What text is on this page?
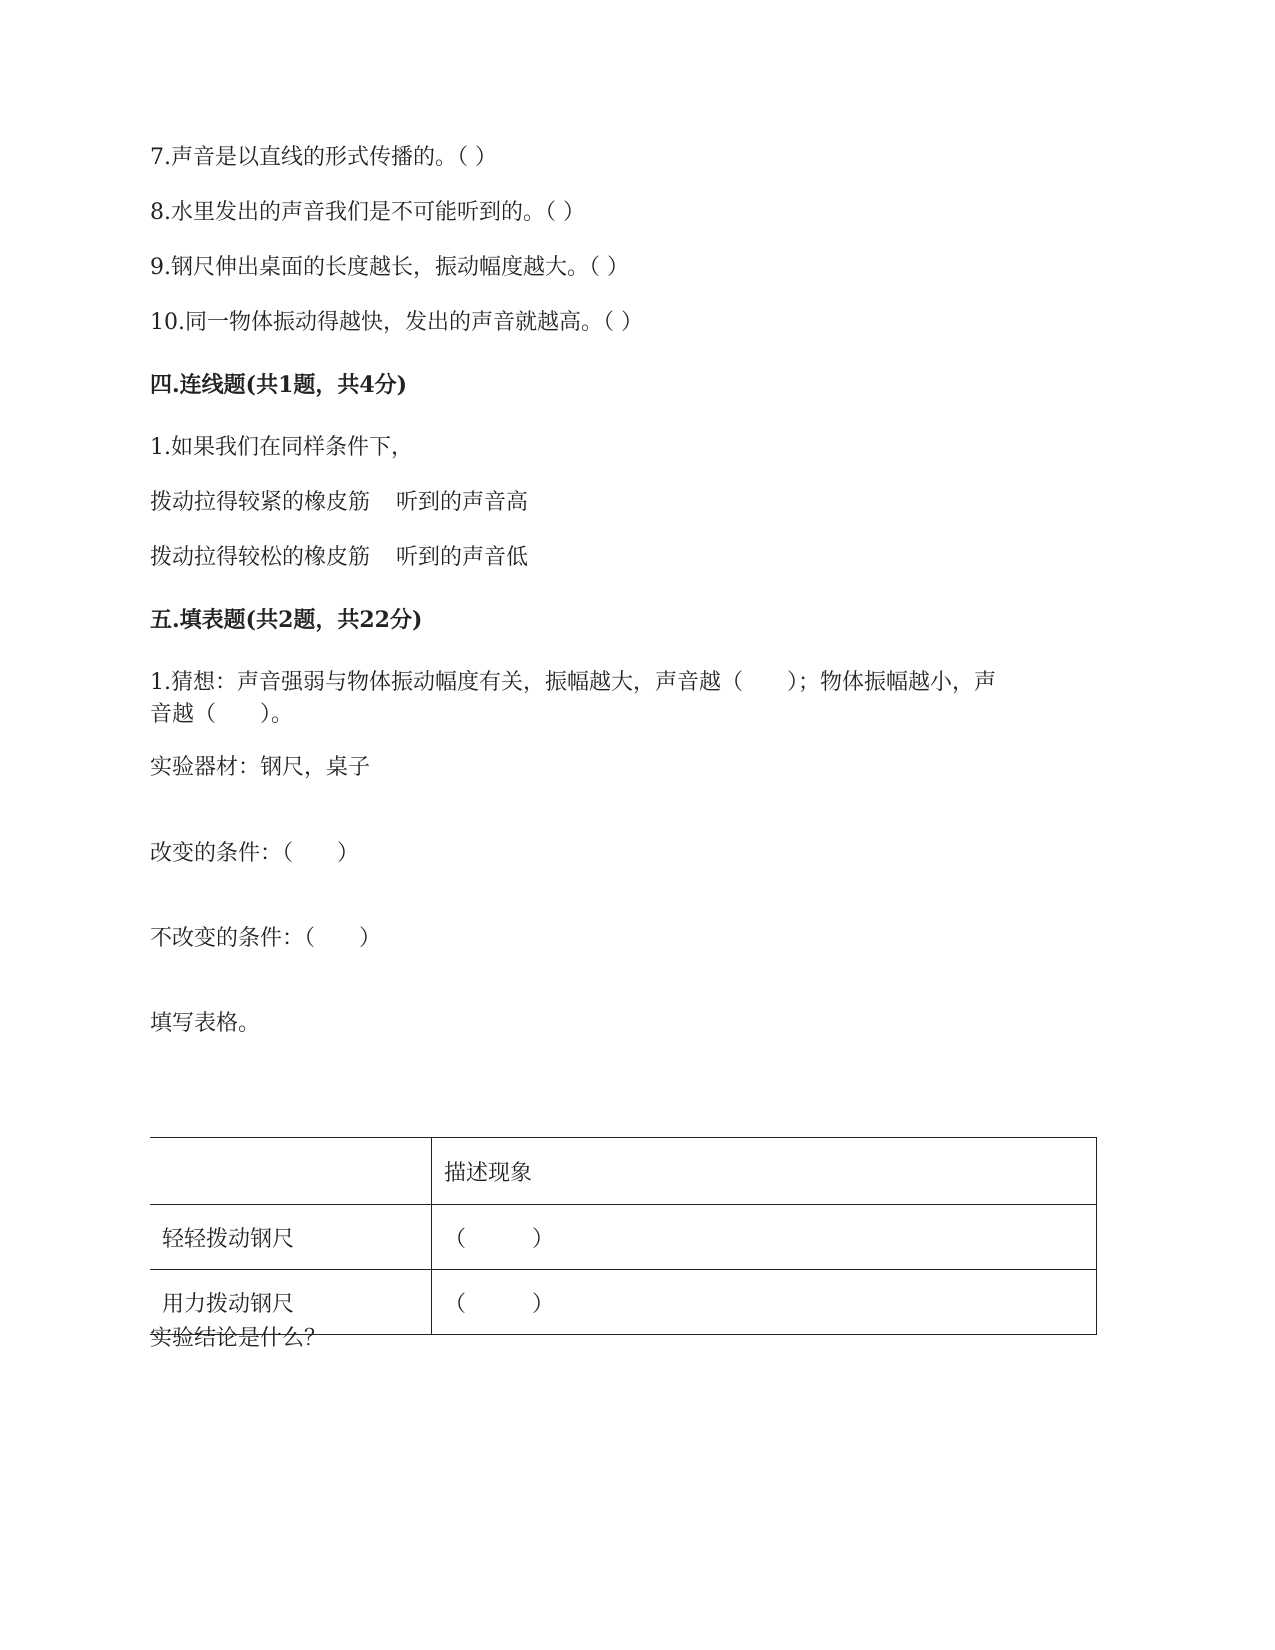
7.声音是以直线的形式传播的。（ ）

8.水里发出的声音我们是不可能听到的。（ ）

9.钢尺伸出桌面的长度越长，振动幅度越大。（ ）

10.同一物体振动得越快，发出的声音就越高。（ ）

四.连线题(共1题，共4分)

1.如果我们在同样条件下，

拨动拉得较紧的橡皮筋 听到的声音高

拨动拉得较松的橡皮筋 听到的声音低

五.填表题(共2题，共22分)

1.猜想：声音强弱与物体振动幅度有关，振幅越大，声音越（　　）；物体振幅越小，声

音越（　　）。

实验器材：钢尺，桌子

改变的条件：（　　）

不改变的条件：（　　）

填写表格。

	描述现象
轻轻拨动钢尺	（　　　）
用力拨动钢尺	（　　　）

实验结论是什么？
